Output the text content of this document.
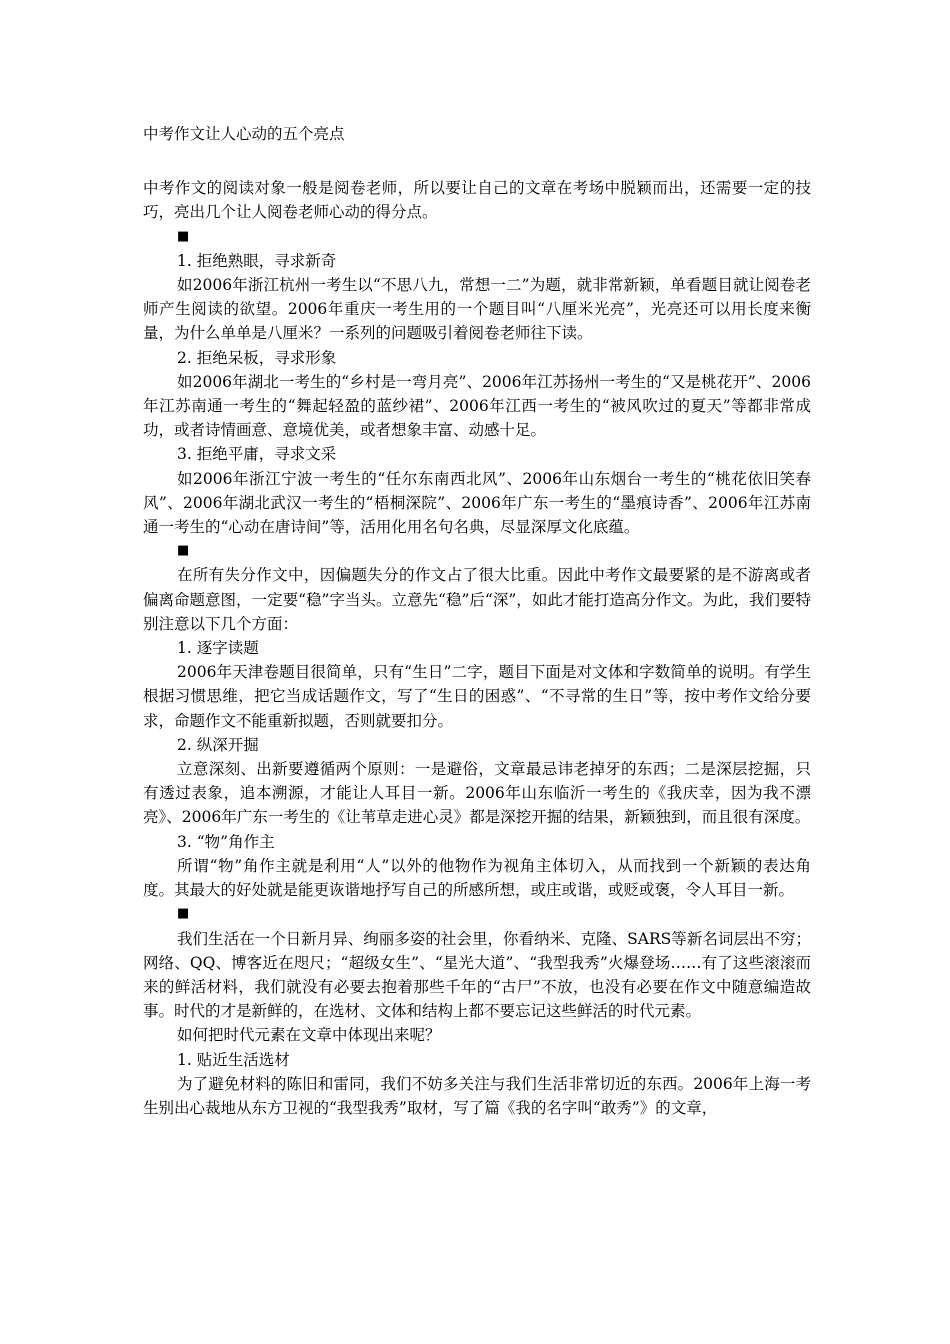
中考作文让人心动的五个亮点

中考作文的阅读对象一般是阅卷老师，所以要让自己的文章在考场中脱颖而出，还需要一定的技巧，亮出几个让人阅卷老师心动的得分点。

■

1. 拒绝熟眼，寻求新奇

如2006年浙江杭州一考生以“不思八九，常想一二”为题，就非常新颖，单看题目就让阅卷老师产生阅读的欲望。2006年重庆一考生用的一个题目叫“八厘米光亮”，光亮还可以用长度来衡量，为什么单单是八厘米？一系列的问题吸引着阅卷老师往下读。

2. 拒绝呆板，寻求形象

如2006年湖北一考生的“乡村是一弯月亮”、2006年江苏扬州一考生的“又是桃花开”、2006年江苏南通一考生的“舞起轻盈的蓝纱裙”、2006年江西一考生的“被风吹过的夏天”等都非常成功，或者诗情画意、意境优美，或者想象丰富、动感十足。

3. 拒绝平庸，寻求文采

如2006年浙江宁波一考生的“任尔东南西北风”、2006年山东烟台一考生的“桃花依旧笑春风”、2006年湖北武汉一考生的“梧桐深院”、2006年广东一考生的“墨痕诗香”、2006年江苏南通一考生的“心动在唐诗间”等，活用化用名句名典，尽显深厚文化底蕴。

■

在所有失分作文中，因偏题失分的作文占了很大比重。因此中考作文最要紧的是不游离或者偏离命题意图，一定要“稳”字当头。立意先“稳”后“深”，如此才能打造高分作文。为此，我们要特别注意以下几个方面：

1. 逐字读题

2006年天津卷题目很简单，只有“生日”二字，题目下面是对文体和字数简单的说明。有学生根据习惯思维，把它当成话题作文，写了“生日的困惑”、“不寻常的生日”等，按中考作文给分要求，命题作文不能重新拟题，否则就要扣分。

2. 纵深开掘

立意深刻、出新要遵循两个原则：一是避俗，文章最忌讳老掉牙的东西；二是深层挖掘，只有透过表象，追本溯源，才能让人耳目一新。2006年山东临沂一考生的《我庆幸，因为我不漂亮》、2006年广东一考生的《让苇草走进心灵》都是深挖开掘的结果，新颖独到，而且很有深度。

3. “物”角作主

所谓“物”角作主就是利用“人”以外的他物作为视角主体切入，从而找到一个新颖的表达角度。其最大的好处就是能更诙谐地抒写自己的所感所想，或庄或谐，或贬或褒，令人耳目一新。

■

我们生活在一个日新月异、绚丽多姿的社会里，你看纳米、克隆、SARS等新名词层出不穷；网络、QQ、博客近在咫尺；“超级女生”、“星光大道”、“我型我秀”火爆登场……有了这些滚滚而来的鲜活材料，我们就没有必要去抱着那些千年的“古尸”不放，也没有必要在作文中随意编造故事。时代的才是新鲜的，在选材、文体和结构上都不要忘记这些鲜活的时代元素。

如何把时代元素在文章中体现出来呢？

1. 贴近生活选材

为了避免材料的陈旧和雷同，我们不妨多关注与我们生活非常切近的东西。2006年上海一考生别出心裁地从东方卫视的“我型我秀”取材，写了篇《我的名字叫“敢秀”》的文章，
